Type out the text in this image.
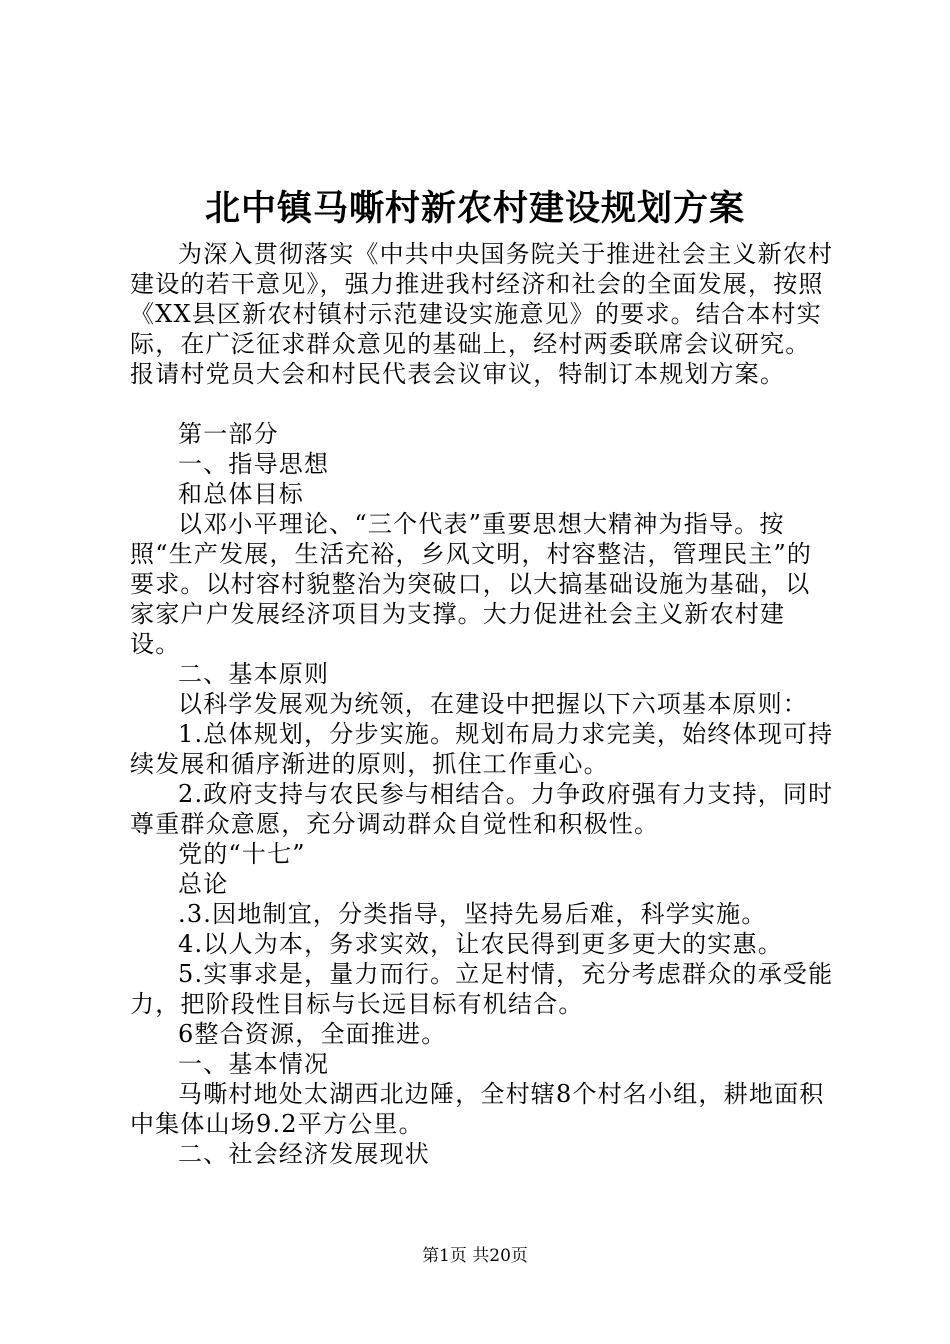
北中镇马嘶村新农村建设规划方案

为深入贯彻落实《中共中央国务院关于推进社会主义新农村建设的若干意见》，强力推进我村经济和社会的全面发展，按照《XX县区新农村镇村示范建设实施意见》的要求。结合本村实际，在广泛征求群众意见的基础上，经村两委联席会议研究。报请村党员大会和村民代表会议审议，特制订本规划方案。

第一部分

一、指导思想

和总体目标

以邓小平理论、“三个代表”重要思想大精神为指导。按照“生产发展，生活充裕，乡风文明，村容整洁，管理民主”的要求。以村容村貌整治为突破口，以大搞基础设施为基础，以家家户户发展经济项目为支撑。大力促进社会主义新农村建设。

二、基本原则

以科学发展观为统领，在建设中把握以下六项基本原则：

1.总体规划，分步实施。规划布局力求完美，始终体现可持续发展和循序渐进的原则，抓住工作重心。

2.政府支持与农民参与相结合。力争政府强有力支持，同时尊重群众意愿，充分调动群众自觉性和积极性。

党的“十七”

总论

.3.因地制宜，分类指导，坚持先易后难，科学实施。

4.以人为本，务求实效，让农民得到更多更大的实惠。

5.实事求是，量力而行。立足村情，充分考虑群众的承受能力，把阶段性目标与长远目标有机结合。

6整合资源，全面推进。

一、基本情况

马嘶村地处太湖西北边陲，全村辖8个村名小组，耕地面积中集体山场9.2平方公里。

二、社会经济发展现状

第1页 共20页
